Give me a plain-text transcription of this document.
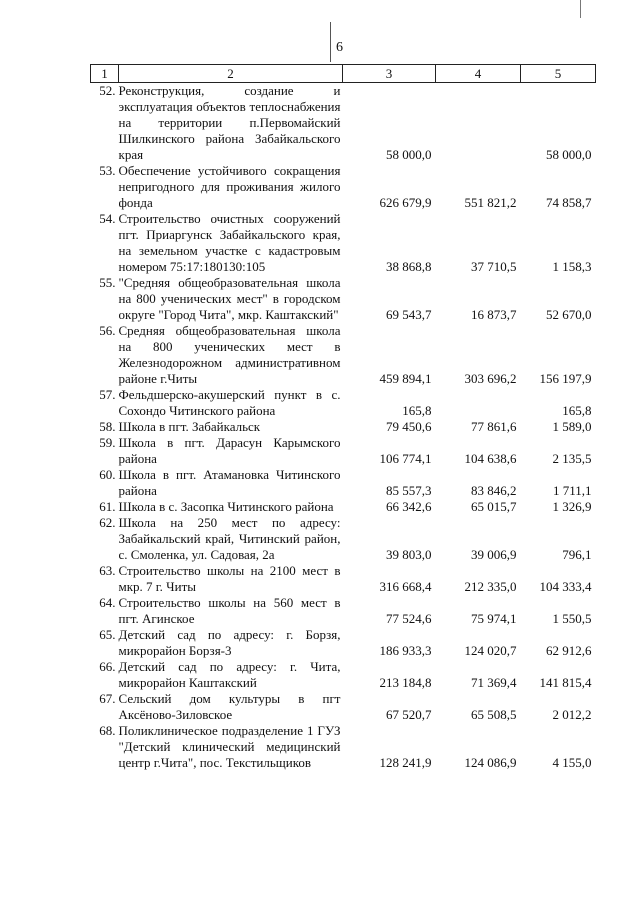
6
1	2	3	4	5
52.	Реконструкция, создание и эксплуатация объектов теплоснабжения на территории п.Первомайский Шилкинского района Забайкальского края	58 000,0		58 000,0
53.	Обеспечение устойчивого сокращения непригодного для проживания жилого фонда	626 679,9	551 821,2	74 858,7
54.	Строительство очистных сооружений пгт. Приаргунск Забайкальского края, на земельном участке с кадастровым номером 75:17:180130:105	38 868,8	37 710,5	1 158,3
55.	"Средняя общеобразовательная школа на 800 ученических мест" в городском округе "Город Чита", мкр. Каштакский"	69 543,7	16 873,7	52 670,0
56.	Средняя общеобразовательная школа на 800 ученических мест в Железнодорожном административном районе г.Читы	459 894,1	303 696,2	156 197,9
57.	Фельдшерско-акушерский пункт в с. Сохондо Читинского района	165,8		165,8
58.	Школа в пгт. Забайкальск	79 450,6	77 861,6	1 589,0
59.	Школа в пгт. Дарасун Карымского района	106 774,1	104 638,6	2 135,5
60.	Школа в пгт. Атамановка Читинского района	85 557,3	83 846,2	1 711,1
61.	Школа в с. Засопка Читинского района	66 342,6	65 015,7	1 326,9
62.	Школа на 250 мест по адресу: Забайкальский край, Читинский район, с. Смоленка, ул. Садовая, 2а	39 803,0	39 006,9	796,1
63.	Строительство школы на 2100 мест в мкр. 7 г. Читы	316 668,4	212 335,0	104 333,4
64.	Строительство школы на 560 мест в пгт. Агинское	77 524,6	75 974,1	1 550,5
65.	Детский сад по адресу: г. Борзя, микрорайон Борзя-3	186 933,3	124 020,7	62 912,6
66.	Детский сад по адресу: г. Чита, микрорайон Каштакский	213 184,8	71 369,4	141 815,4
67.	Сельский дом культуры в пгт Аксёново-Зиловское	67 520,7	65 508,5	2 012,2
68.	Поликлиническое подразделение 1 ГУЗ "Детский клинический медицинский центр г.Чита", пос. Текстильщиков	128 241,9	124 086,9	4 155,0
